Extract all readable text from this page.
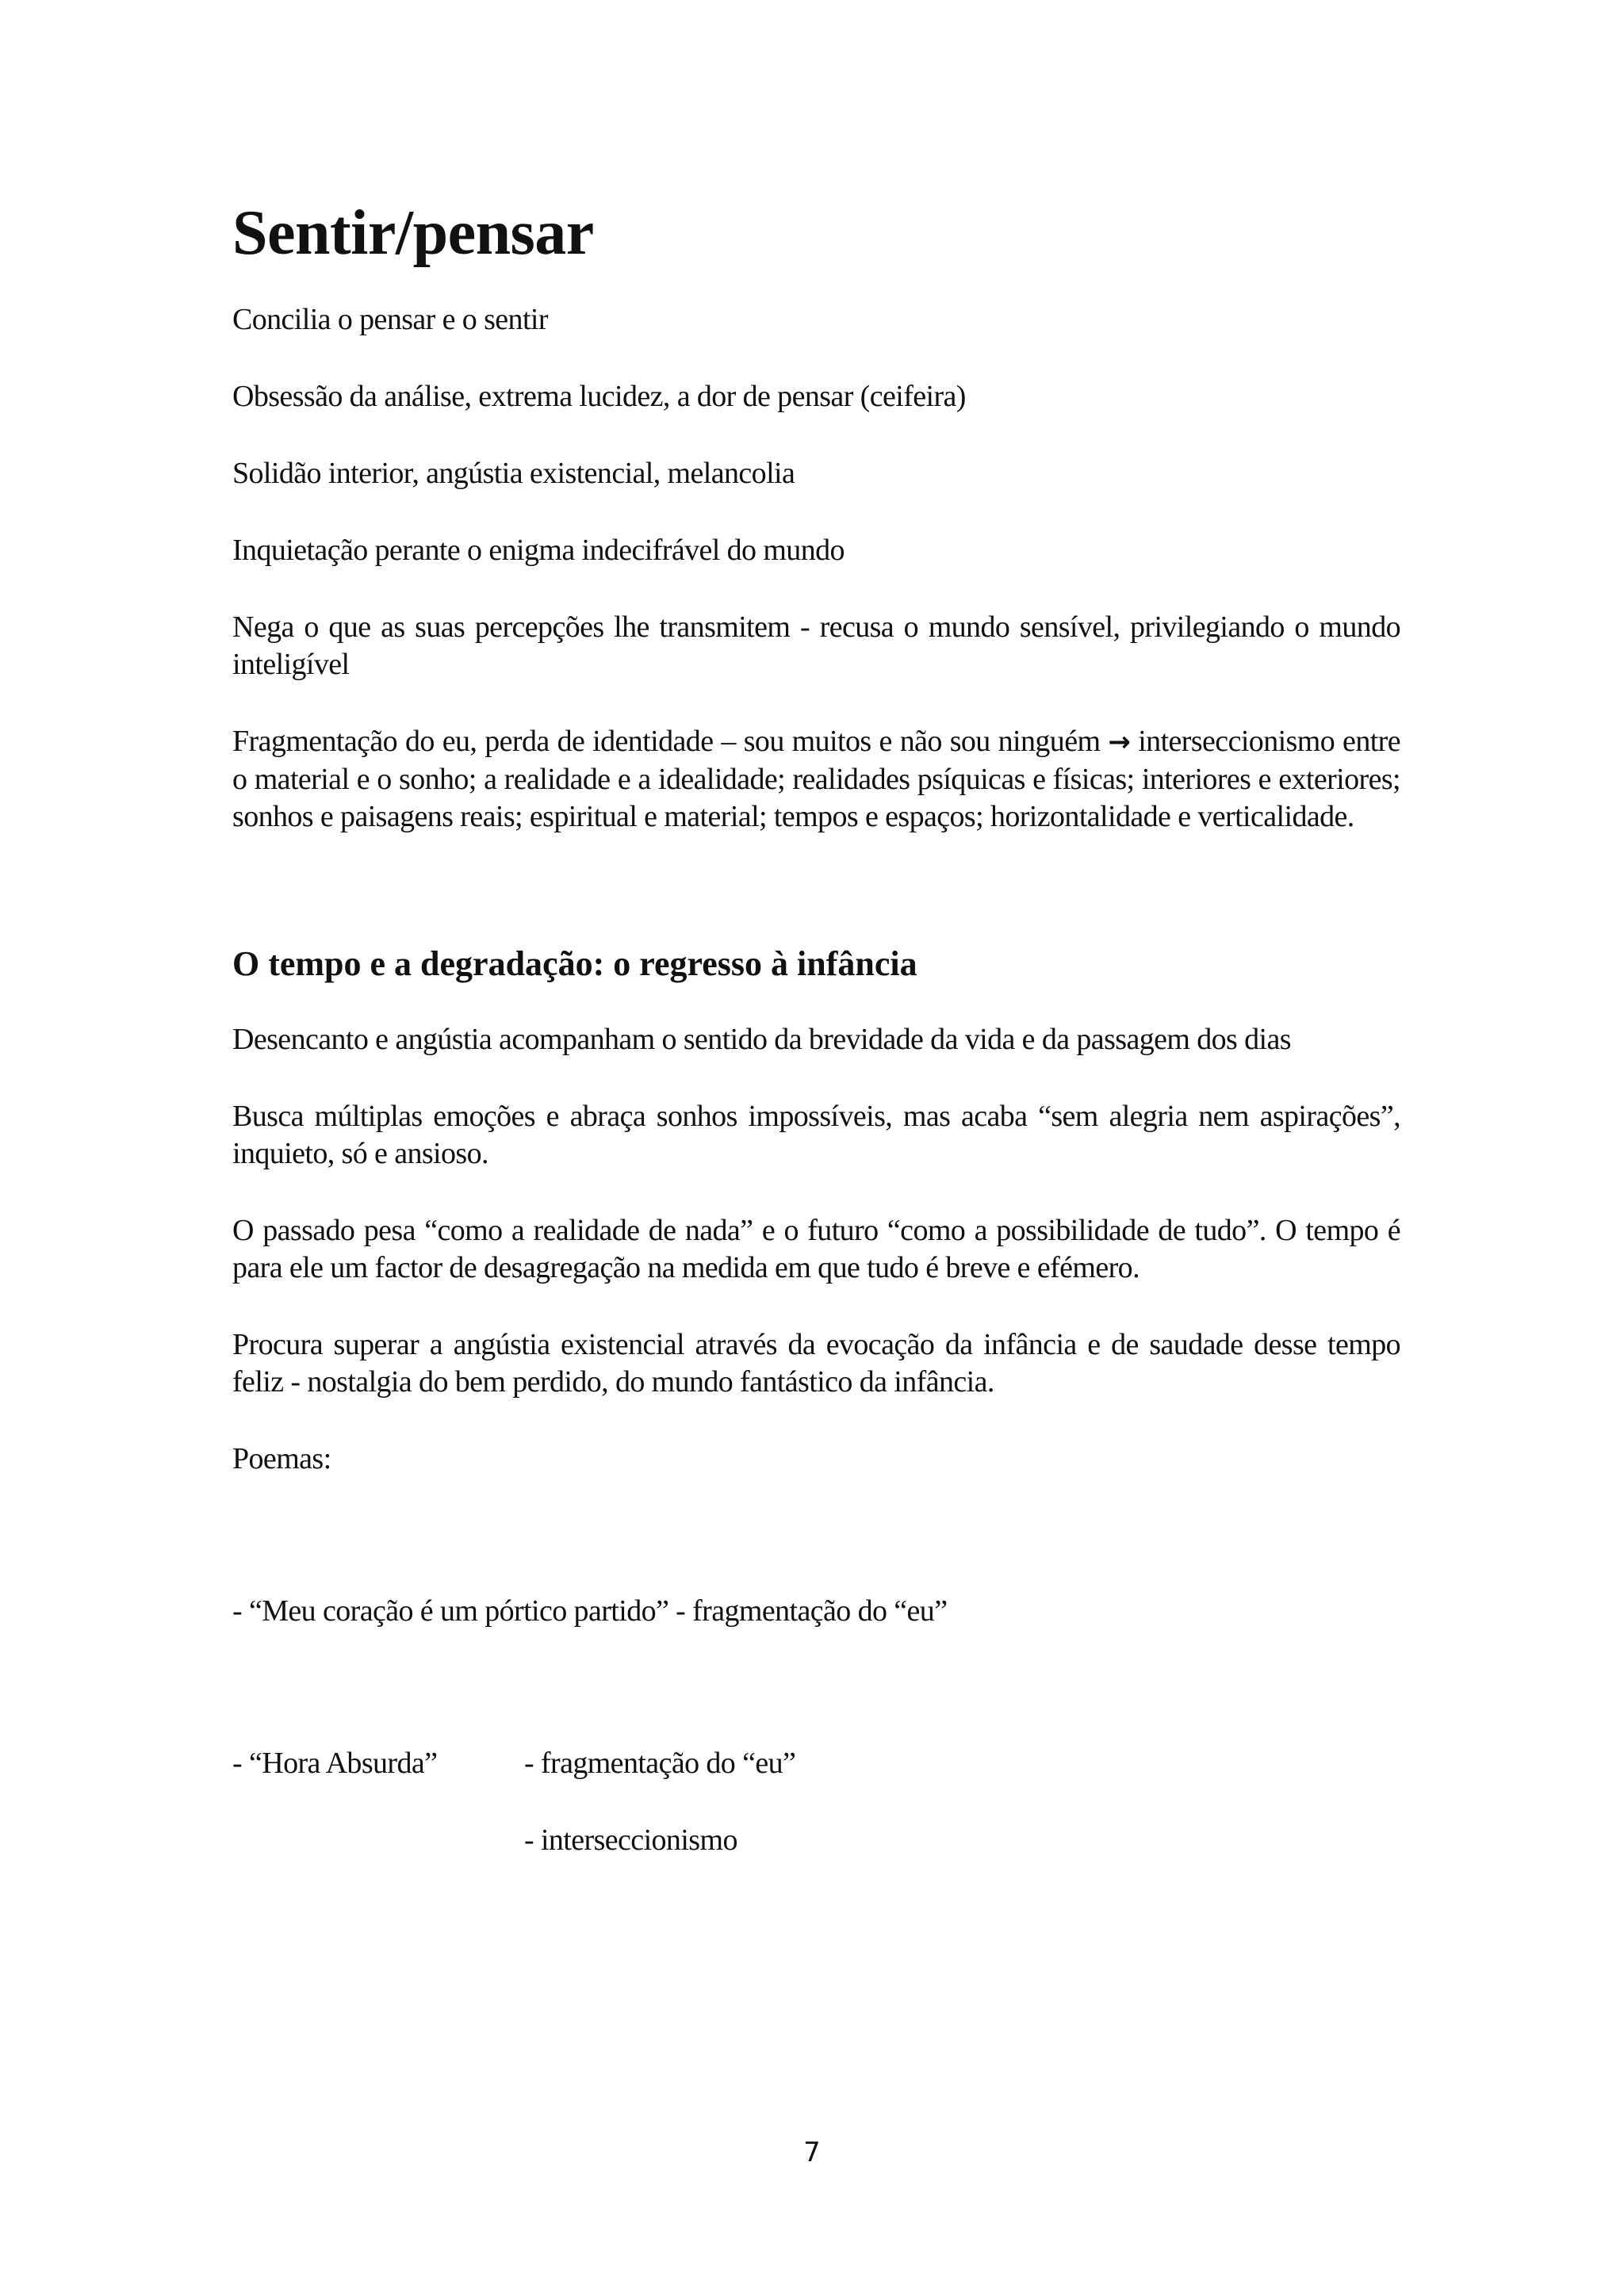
Sentir/pensar

Concilia o pensar e o sentir

Obsessão da análise, extrema lucidez, a dor de pensar (ceifeira)

Solidão interior, angústia existencial, melancolia

Inquietação perante o enigma indecifrável do mundo

Nega o que as suas percepções lhe transmitem - recusa o mundo sensível, privilegiando o mundo inteligível

Fragmentação do eu, perda de identidade – sou muitos e não sou ninguém → interseccionismo entre o material e o sonho; a realidade e a idealidade; realidades psíquicas e físicas; interiores e exteriores; sonhos e paisagens reais; espiritual e material; tempos e espaços; horizontalidade e verticalidade.

O tempo e a degradação: o regresso à infância

Desencanto e angústia acompanham o sentido da brevidade da vida e da passagem dos dias

Busca múltiplas emoções e abraça sonhos impossíveis, mas acaba “sem alegria nem aspirações”, inquieto, só e ansioso.

O passado pesa “como a realidade de nada” e o futuro “como a possibilidade de tudo”. O tempo é para ele um factor de desagregação na medida em que tudo é breve e efémero.

Procura superar a angústia existencial através da evocação da infância e de saudade desse tempo feliz - nostalgia do bem perdido, do mundo fantástico da infância.

Poemas:

- “Meu coração é um pórtico partido” - fragmentação do “eu”
- “Hora Absurda”	- fragmentação do “eu”
- interseccionismo
7
